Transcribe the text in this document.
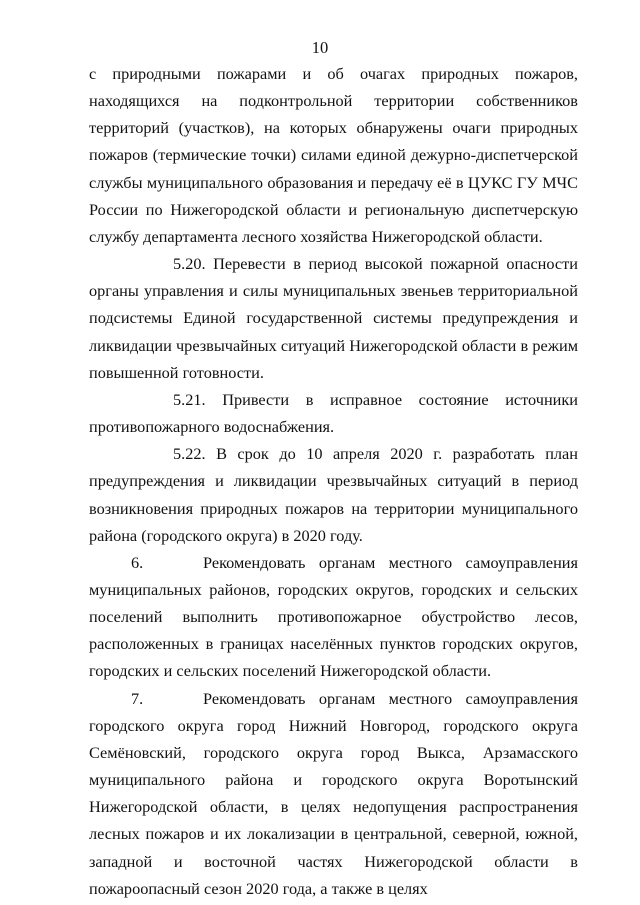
10

с природными пожарами и об очагах природных пожаров, находящихся на подконтрольной территории собственников территорий (участков), на которых обнаружены очаги природных пожаров (термические точки) силами единой дежурно-диспетчерской службы муниципального образования и передачу её в ЦУКС ГУ МЧС России по Нижегородской области и региональную диспетчерскую службу департамента лесного хозяйства Нижегородской области.

5.20. Перевести в период высокой пожарной опасности органы управления и силы муниципальных звеньев территориальной подсистемы Единой государственной системы предупреждения и ликвидации чрезвычайных ситуаций Нижегородской области в режим повышенной готовности.

5.21. Привести в исправное состояние источники противопожарного водоснабжения.

5.22. В срок до 10 апреля 2020 г. разработать план предупреждения и ликвидации чрезвычайных ситуаций в период возникновения природных пожаров на территории муниципального района (городского округа) в 2020 году.

6.	Рекомендовать органам местного самоуправления муниципальных районов, городских округов, городских и сельских поселений выполнить противопожарное обустройство лесов, расположенных в границах населённых пунктов городских округов, городских и сельских поселений Нижегородской области.

7.	Рекомендовать органам местного самоуправления городского округа город Нижний Новгород, городского округа Семёновский, городского округа город Выкса, Арзамасского муниципального района и городского округа Воротынский Нижегородской области, в целях недопущения распространения лесных пожаров и их локализации в центральной, северной, южной, западной и восточной частях Нижегородской области в пожароопасный сезон 2020 года, а также в целях
